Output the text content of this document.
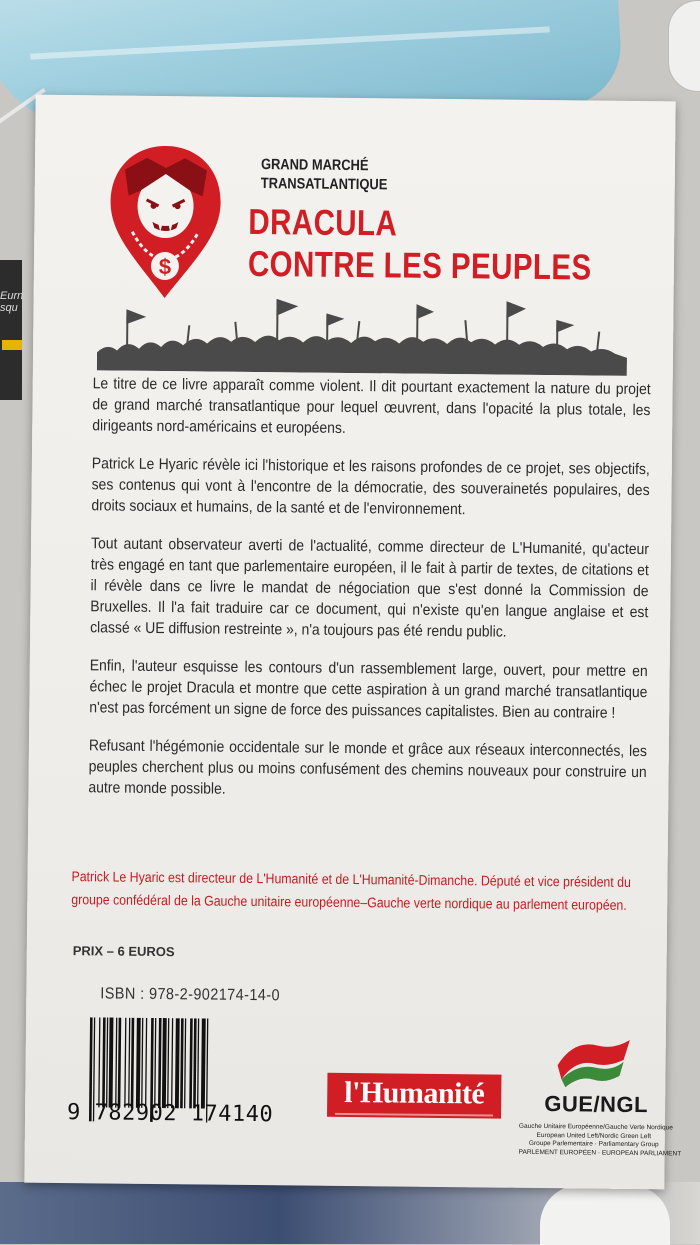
Eurn squ
$
GRAND MARCHÉ
TRANSATLANTIQUE
DRACULA
CONTRE LES PEUPLES

Le titre de ce livre apparaît comme violent. Il dit pourtant exactement la nature du projet de grand marché transatlantique pour lequel œuvrent, dans l'opacité la plus totale, les dirigeants nord-américains et européens.

Patrick Le Hyaric révèle ici l'historique et les raisons profondes de ce projet, ses objectifs, ses contenus qui vont à l'encontre de la démocratie, des souverainetés populaires, des droits sociaux et humains, de la santé et de l'environnement.

Tout autant observateur averti de l'actualité, comme directeur de L'Humanité, qu'acteur très engagé en tant que parlementaire européen, il le fait à partir de textes, de citations et il révèle dans ce livre le mandat de négociation que s'est donné la Commission de Bruxelles. Il l'a fait traduire car ce document, qui n'existe qu'en langue anglaise et est classé « UE diffusion restreinte », n'a toujours pas été rendu public.

Enfin, l'auteur esquisse les contours d'un rassemblement large, ouvert, pour mettre en échec le projet Dracula et montre que cette aspiration à un grand marché transatlantique n'est pas forcément un signe de force des puissances capitalistes. Bien au contraire !

Refusant l'hégémonie occidentale sur le monde et grâce aux réseaux interconnectés, les peuples cherchent plus ou moins confusément des chemins nouveaux pour construire un autre monde possible.

Patrick Le Hyaric est directeur de L'Humanité et de L'Humanité-Dimanche. Député et vice président du groupe confédéral de la Gauche unitaire européenne–Gauche verte nordique au parlement européen.
PRIX – 6 EUROS
ISBN : 978-2-902174-14-0
9 782902 174140
l'Humanité	GUE/NGL
Gauche Unitaire Européenne/Gauche Verte Nordique
European United Left/Nordic Green Left
Groupe Parlementaire · Parliamentary Group
PARLEMENT EUROPÉEN · EUROPEAN PARLIAMENT
